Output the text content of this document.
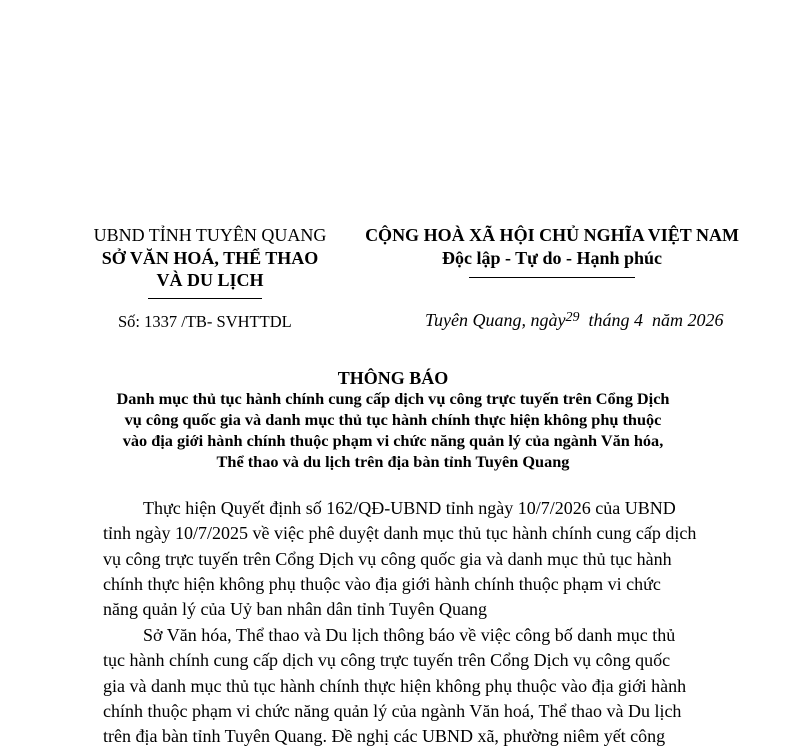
UBND TỈNH TUYÊN QUANG
SỞ VĂN HOÁ, THỂ THAO
VÀ DU LỊCH
CỘNG HOÀ XÃ HỘI CHỦ NGHĨA VIỆT NAM
Độc lập - Tự do - Hạnh phúc
Số: 1337 /TB- SVHTTDL	Tuyên Quang, ngày$^{29}$ tháng 4 năm 2026
THÔNG BÁO
Danh mục thủ tục hành chính cung cấp dịch vụ công trực tuyến trên Cổng Dịch
vụ công quốc gia và danh mục thủ tục hành chính thực hiện không phụ thuộc
vào địa giới hành chính thuộc phạm vi chức năng quản lý của ngành Văn hóa,
Thể thao và du lịch trên địa bàn tỉnh Tuyên Quang
Thực hiện Quyết định số 162/QĐ-UBND tỉnh ngày 10/7/2026 của UBND
tỉnh ngày 10/7/2025 về việc phê duyệt danh mục thủ tục hành chính cung cấp dịch
vụ công trực tuyến trên Cổng Dịch vụ công quốc gia và danh mục thủ tục hành
chính thực hiện không phụ thuộc vào địa giới hành chính thuộc phạm vi chức
năng quản lý của Uỷ ban nhân dân tỉnh Tuyên Quang
Sở Văn hóa, Thể thao và Du lịch thông báo về việc công bố danh mục thủ
tục hành chính cung cấp dịch vụ công trực tuyến trên Cổng Dịch vụ công quốc
gia và danh mục thủ tục hành chính thực hiện không phụ thuộc vào địa giới hành
chính thuộc phạm vi chức năng quản lý của ngành Văn hoá, Thể thao và Du lịch
trên địa bàn tỉnh Tuyên Quang. Đề nghị các UBND xã, phường niêm yết công
